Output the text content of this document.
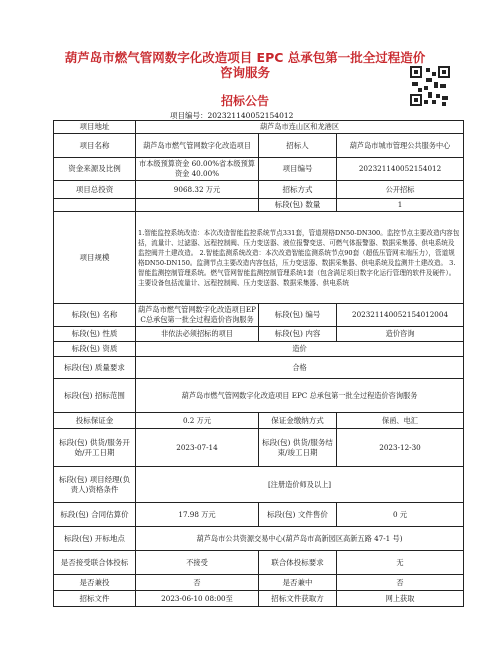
葫芦岛市燃气管网数字化改造项目 EPC 总承包第一批全过程造价咨询服务
招标公告
项目编号：202321140052154012
项目地址	葫芦岛市连山区和龙港区		
项目名称	葫芦岛市燃气管网数字化改造项目	招标人	葫芦岛市城市管理公共服务中心

资金来源及比例	市本级预算资金 60.00%省本级预算资金 40.00%	项目编号	202321140052154012
项目总投资	9068.32 万元	招标方式	公开招标
		标段(包) 数量	1
项目规模	1.智能监控系统改造：本次改造智能监控系统节点331套，管道规格DN50-DN300。监控节点主要改造内容包括，流量计、过滤器、远程控制阀、压力变送器、液位报警变送、可燃气体报警器、数据采集器、供电系统及监控阀井土建改造。 2.智能监测系统改造：本次改造智能监测系统节点90套（超低压管网末端压力），管道规格DN50-DN150。监测节点主要改造内容包括，压力变送器、数据采集器、供电系统及监测井土建改造。 3.智能监测控制管理系统。燃气管网智能监测控制管理系统1套（包含满足项目数字化运行管理的软件及硬件）。主要设备包括流量计、远程控制阀、压力变送器、数据采集器、供电系统		
标段(包) 名称	葫芦岛市燃气管网数字化改造项目EPC总承包第一批全过程造价咨询服务	标段(包) 编号	202321140052154012004
标段(包) 性质	非依法必须招标的项目	标段(包) 内容	造价咨询
标段(包) 资质	造价		
标段(包) 质量要求	合格		
标段(包) 招标范围	葫芦岛市燃气管网数字化改造项目 EPC 总承包第一批全过程造价咨询服务		
投标保证金	0.2 万元	保证金缴纳方式	保函、电汇
标段(包) 供货/服务开始/开工日期	2023-07-14	标段(包) 供货/服务结束/竣工日期	2023-12-30
标段(包) 项目经理(负责人)资格条件	[注册造价师及以上]		
标段(包) 合同估算价	17.98 万元	标段(包) 文件售价	0 元
标段(包) 开标地点	葫芦岛市公共资源交易中心(葫芦岛市高新园区高新五路 47-1 号)		
是否接受联合体投标	不接受	联合体投标要求	无
是否兼投	否	是否兼中	否
招标文件	2023-06-10 08:00至	招标文件获取方	网上获取
